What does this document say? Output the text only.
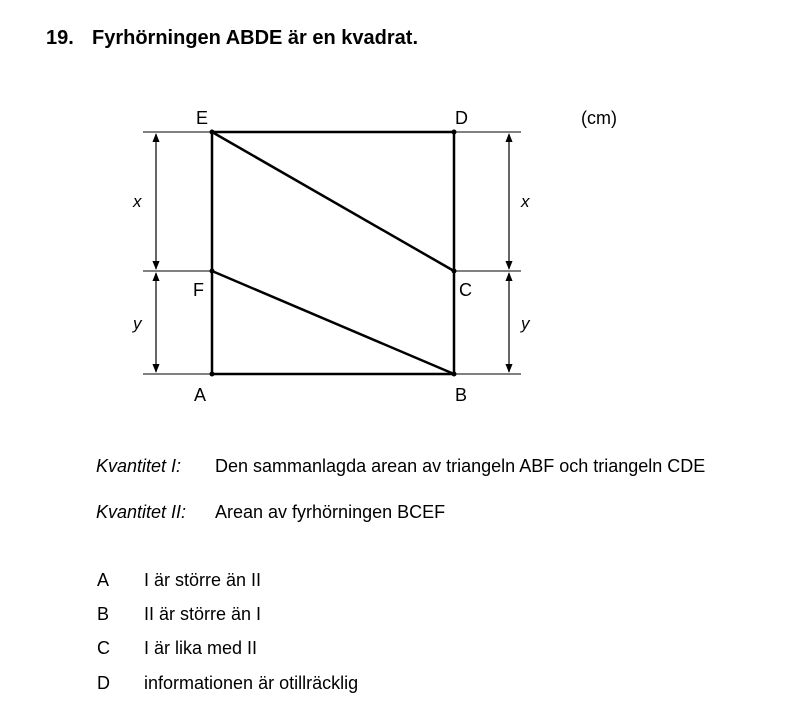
19. Fyrhörningen ABDE är en kvadrat.
E	D
F	C
A	B
x
y
x
y
(cm)
Kvantitet I: Den sammanlagda arean av triangeln ABF och triangeln CDE
Kvantitet II: Arean av fyrhörningen BCEF
A I är större än II
B II är större än I
C I är lika med II
D informationen är otillräcklig
